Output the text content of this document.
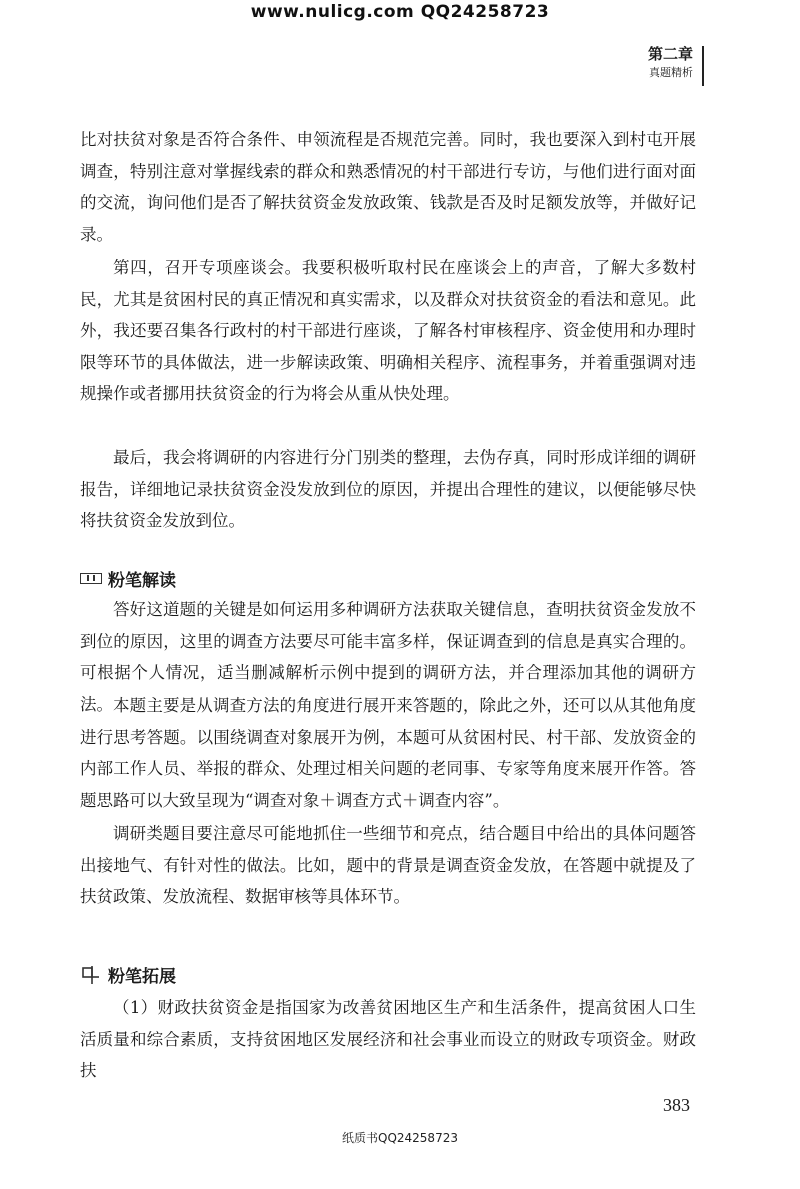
www.nulicg.com QQ24258723
第二章
真题精析

比对扶贫对象是否符合条件、申领流程是否规范完善。同时，我也要深入到村屯开展调查，特别注意对掌握线索的群众和熟悉情况的村干部进行专访，与他们进行面对面的交流，询问他们是否了解扶贫资金发放政策、钱款是否及时足额发放等，并做好记录。

第四，召开专项座谈会。我要积极听取村民在座谈会上的声音，了解大多数村民，尤其是贫困村民的真正情况和真实需求，以及群众对扶贫资金的看法和意见。此外，我还要召集各行政村的村干部进行座谈，了解各村审核程序、资金使用和办理时限等环节的具体做法，进一步解读政策、明确相关程序、流程事务，并着重强调对违规操作或者挪用扶贫资金的行为将会从重从快处理。

最后，我会将调研的内容进行分门别类的整理，去伪存真，同时形成详细的调研报告，详细地记录扶贫资金没发放到位的原因，并提出合理性的建议，以便能够尽快将扶贫资金发放到位。

粉笔解读

答好这道题的关键是如何运用多种调研方法获取关键信息，查明扶贫资金发放不到位的原因，这里的调查方法要尽可能丰富多样，保证调查到的信息是真实合理的。可根据个人情况，适当删减解析示例中提到的调研方法，并合理添加其他的调研方法。 本题主要是从调查方法的角度进行展开来答题的，除此之外，还可以从其他角度进行思考答题。以围绕调查对象展开为例，本题可从贫困村民、村干部、发放资金的内部工作人员、举报的群众、处理过相关问题的老同事、专家等角度来展开作答。答题思路可以大致呈现为“调查对象＋调查方式＋调查内容”。

调研类题目要注意尽可能地抓住一些细节和亮点，结合题目中给出的具体问题答出接地气、有针对性的做法。比如，题中的背景是调查资金发放，在答题中就提及了扶贫政策、发放流程、数据审核等具体环节。

粉笔拓展

（1）财政扶贫资金是指国家为改善贫困地区生产和生活条件，提高贫困人口生活质量和综合素质，支持贫困地区发展经济和社会事业而设立的财政专项资金。财政扶

383
纸质书QQ24258723
